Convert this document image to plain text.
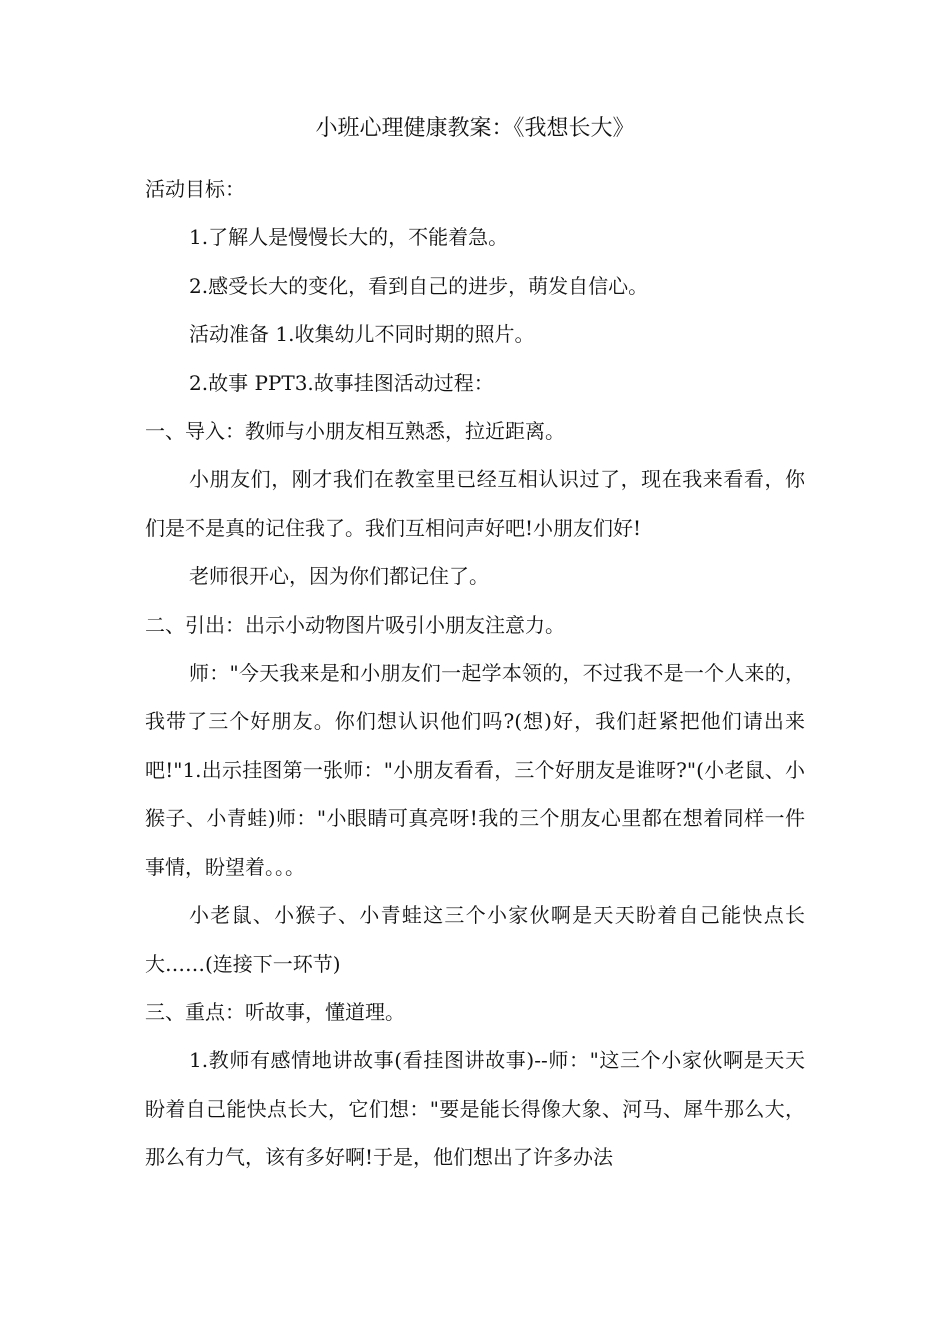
小班心理健康教案：《我想长大》

活动目标：

1.了解人是慢慢长大的，不能着急。

2.感受长大的变化，看到自己的进步，萌发自信心。

活动准备 1.收集幼儿不同时期的照片。

2.故事 PPT3.故事挂图活动过程：

一、导入：教师与小朋友相互熟悉，拉近距离。

小朋友们，刚才我们在教室里已经互相认识过了，现在我来看看，你们是不是真的记住我了。我们互相问声好吧!小朋友们好!

老师很开心，因为你们都记住了。

二、引出：出示小动物图片吸引小朋友注意力。

师："今天我来是和小朋友们一起学本领的，不过我不是一个人来的，我带了三个好朋友。你们想认识他们吗?(想)好，我们赶紧把他们请出来吧!"1.出示挂图第一张师："小朋友看看，三个好朋友是谁呀?"(小老鼠、小猴子、小青蛙)师："小眼睛可真亮呀!我的三个朋友心里都在想着同样一件事情，盼望着。。。

小老鼠、小猴子、小青蛙这三个小家伙啊是天天盼着自己能快点长大……(连接下一环节)

三、重点：听故事，懂道理。

1.教师有感情地讲故事(看挂图讲故事)--师："这三个小家伙啊是天天盼着自己能快点长大，它们想："要是能长得像大象、河马、犀牛那么大，那么有力气，该有多好啊!于是，他们想出了许多办法
